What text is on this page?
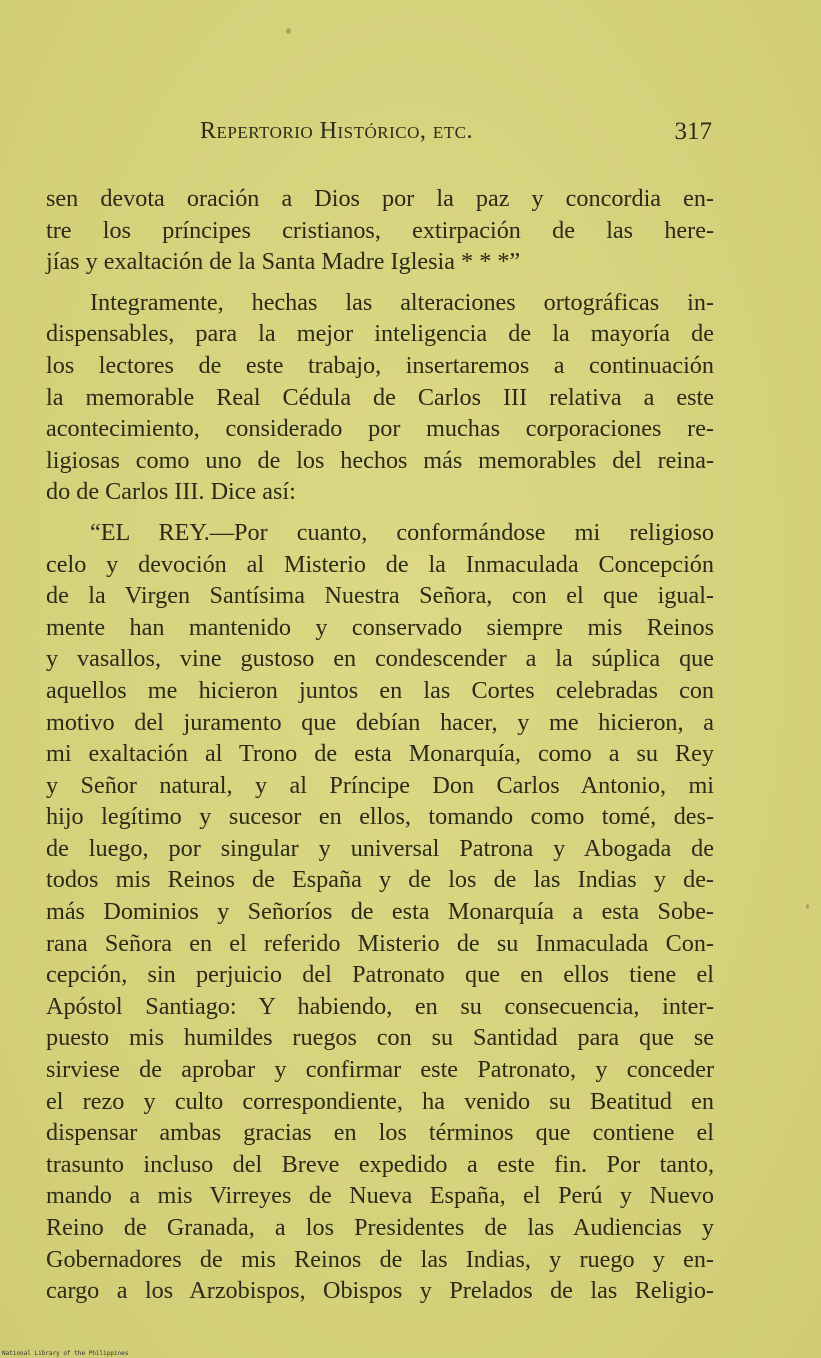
Repertorio Histórico, etc.	317
sen devota oración a Dios por la paz y concordia en-
tre los príncipes cristianos, extirpación de las here-
jías y exaltación de la Santa Madre Iglesia * * *”
Integramente, hechas las alteraciones ortográficas in-
dispensables, para la mejor inteligencia de la mayoría de
los lectores de este trabajo, insertaremos a continuación
la memorable Real Cédula de Carlos III relativa a este
acontecimiento, considerado por muchas corporaciones re-
ligiosas como uno de los hechos más memorables del reina-
do de Carlos III. Dice así:
“EL REY.—Por cuanto, conformándose mi religioso
celo y devoción al Misterio de la Inmaculada Concepción
de la Virgen Santísima Nuestra Señora, con el que igual-
mente han mantenido y conservado siempre mis Reinos
y vasallos, vine gustoso en condescender a la súplica que
aquellos me hicieron juntos en las Cortes celebradas con
motivo del juramento que debían hacer, y me hicieron, a
mi exaltación al Trono de esta Monarquía, como a su Rey
y Señor natural, y al Príncipe Don Carlos Antonio, mi
hijo legítimo y sucesor en ellos, tomando como tomé, des-
de luego, por singular y universal Patrona y Abogada de
todos mis Reinos de España y de los de las Indias y de-
más Dominios y Señoríos de esta Monarquía a esta Sobe-
rana Señora en el referido Misterio de su Inmaculada Con-
cepción, sin perjuicio del Patronato que en ellos tiene el
Apóstol Santiago: Y habiendo, en su consecuencia, inter-
puesto mis humildes ruegos con su Santidad para que se
sirviese de aprobar y confirmar este Patronato, y conceder
el rezo y culto correspondiente, ha venido su Beatitud en
dispensar ambas gracias en los términos que contiene el
trasunto incluso del Breve expedido a este fin. Por tanto,
mando a mis Virreyes de Nueva España, el Perú y Nuevo
Reino de Granada, a los Presidentes de las Audiencias y
Gobernadores de mis Reinos de las Indias, y ruego y en-
cargo a los Arzobispos, Obispos y Prelados de las Religio-
National Library of the Philippines
